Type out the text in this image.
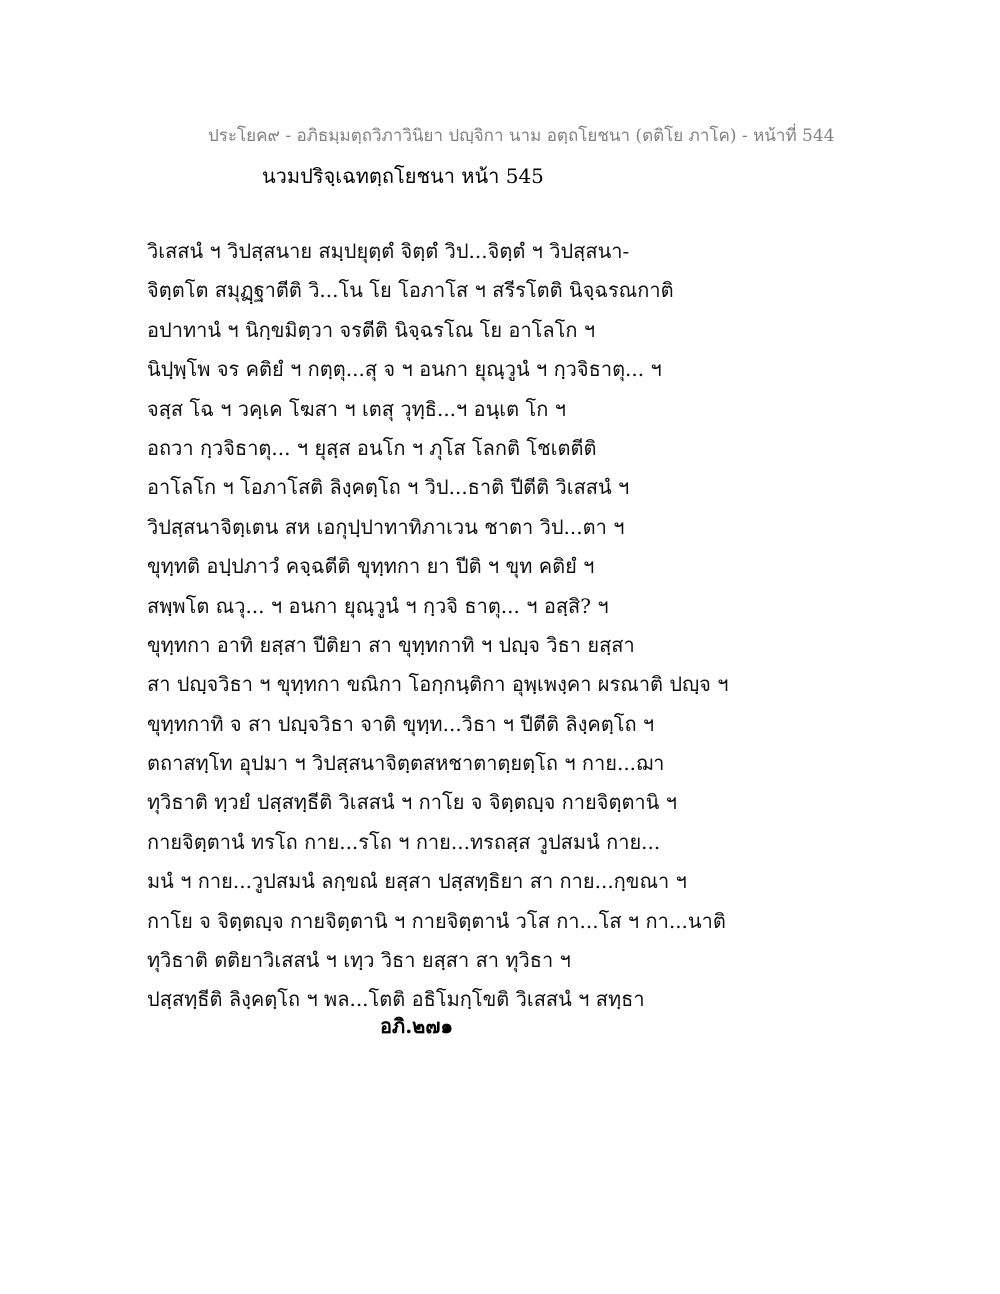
ประโยค๙ - อภิธมฺมตฺถวิภาวินิยา ปญฺจิกา นาม อตฺถโยชนา (ตติโย ภาโค) - หน้าที่ 544
นวมปริจฺเฉทตฺถโยชนา หน้า 545
วิเสสนํ ฯ วิปสฺสนาย สมฺปยุตฺตํ จิตฺตํ วิป...จิตฺตํ ฯ วิปสฺสนา-
จิตฺตโต สมุฏฺฐาตีติ วิ...โน โย โอภาโส ฯ สรีรโตติ นิจฺฉรณกาติ
อปาทานํ ฯ นิกฺขมิตฺวา จรตีติ นิจฺฉรโณ โย อาโลโก ฯ
นิปฺพฺโพ จร คติยํ ฯ กตฺตุ...สุ จ ฯ อนกา ยุณฺวูนํ ฯ กฺวจิธาตุ... ฯ
จสฺส โฉ ฯ วคฺเค โฆสา ฯ เตสุ วุทฺธิ...ฯ อนฺเต โก ฯ
อถวา กฺวจิธาตุ... ฯ ยุสฺส อนโก ฯ ภุโส โลกติ โชเตตีติ
อาโลโก ฯ โอภาโสติ ลิงฺคตฺโถ ฯ วิป...ธาติ ปีตีติ วิเสสนํ ฯ
วิปสฺสนาจิตฺเตน สห เอกุปฺปาทาทิภาเวน ชาตา วิป...ตา ฯ
ขุทฺทติ อปฺปภาวํ คจฺฉตีติ ขุทฺทกา ยา ปีติ ฯ ขุท คติยํ ฯ
สพฺพโต ณวุ... ฯ อนกา ยุณฺวูนํ ฯ กฺวจิ ธาตุ... ฯ อสฺสิ? ฯ
ขุทฺทกา อาทิ ยสฺสา ปีติยา สา ขุทฺทกาทิ ฯ ปญฺจ วิธา ยสฺสา
สา ปญฺจวิธา ฯ ขุทฺทกา ขณิกา โอกฺกนฺติกา อุพฺเพงฺคา ผรณาติ ปญฺจ ฯ
ขุทฺทกาทิ จ สา ปญฺจวิธา จาติ ขุทฺท...วิธา ฯ ปีตีติ ลิงฺคตฺโถ ฯ
ตถาสทฺโท อุปมา ฯ วิปสฺสนาจิตฺตสหชาตาตฺยตฺโถ ฯ กาย...ฌา
ทุวิธาติ ทฺวยํ ปสฺสทฺธีติ วิเสสนํ ฯ กาโย จ จิตฺตญฺจ กายจิตฺตานิ ฯ
กายจิตฺตานํ ทรโถ กาย...รโถ ฯ กาย...ทรถสฺส วูปสมนํ กาย...
มนํ ฯ กาย...วูปสมนํ ลกฺขณํ ยสฺสา ปสฺสทฺธิยา สา กาย...กฺขณา ฯ
กาโย จ จิตฺตญฺจ กายจิตฺตานิ ฯ กายจิตฺตานํ วโส กา...โส ฯ กา...นาติ
ทุวิธาติ ตติยาวิเสสนํ ฯ เทฺว วิธา ยสฺสา สา ทุวิธา ฯ
ปสฺสทฺธีติ ลิงฺคตฺโถ ฯ พล...โตติ อธิโมกฺโขติ วิเสสนํ ฯ สทฺธา
อภิ.๒๗๑
